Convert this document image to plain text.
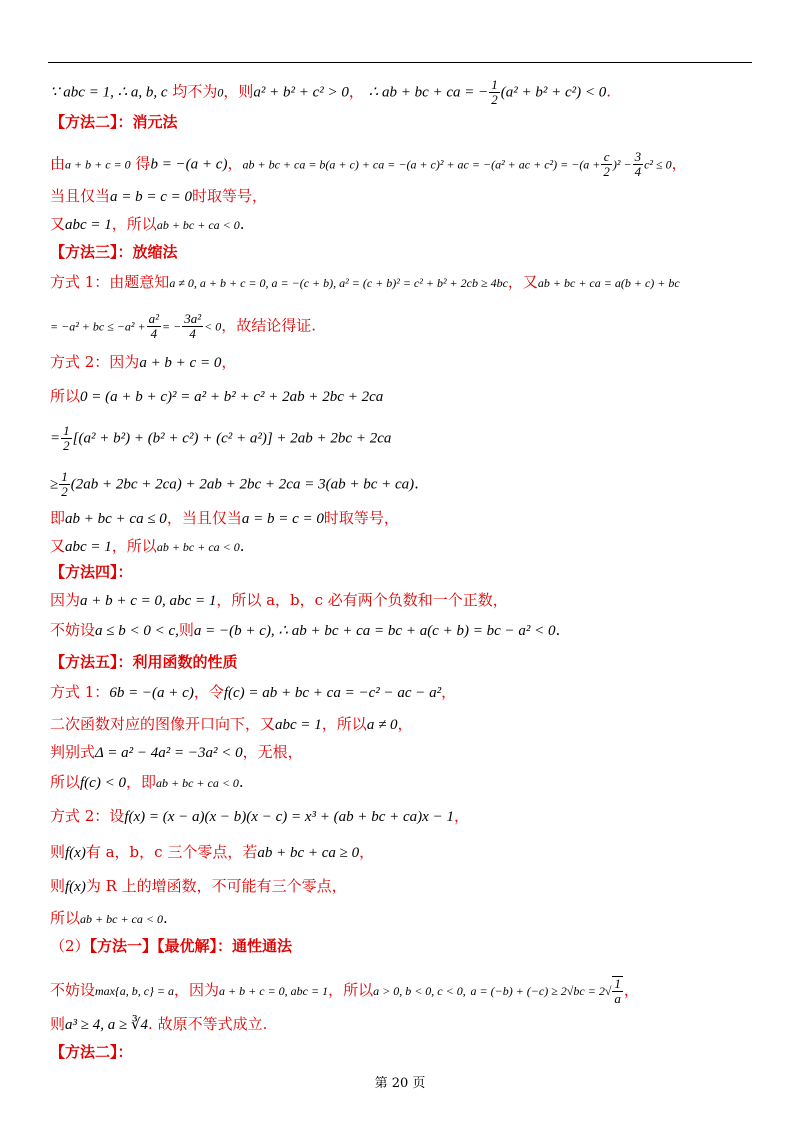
∵ abc = 1, ∴ a, b, c 均不为0，则a² + b² + c² > 0， ∴ ab + bc + ca = − $\frac{1}{2} (a^2 + b^2 + c^2) < 0$.
【方法二】：消元法
由a + b + c = 0 得b = −(a + c)，ab + bc + ca = b(a + c) + ca = −(a + c)² + ac = −(a² + ac + $c^2) = -(a + \frac{c}{2} )^2 - \frac{3}{4} c^2 \le 0$，
当且仅当a = b = c = 0时取等号，
又abc = 1，所以ab + bc + ca < 0.
【方法三】：放缩法
方式 1：由题意知a ≠ 0, a + b + c = 0, a = −(c + b), a² = (c + b)² = c² + b² + 2cb ≥ 4bc，又ab + bc + ca = a(b + c) + bc
= −a² + bc ≤ $-a^2 + \frac{\text{a²}}{4}$ = − $\frac{\text{3a²}}{4} < 0$，故结论得证.
方式 2：因为a + b + c = 0，
所以0 = (a + b + c)² = a² + b² + c² + 2ab + 2bc + 2ca
= $\frac{1}{2} [(a^2 + b^2) + (b^2 + c^2) + (c^2 + a^2)] + 2ab + 2bc + 2ca$
≥ $\frac{1}{2} (2ab + 2bc + 2ca) + 2ab + 2bc + 2ca = 3(ab$ + bc + ca).
即ab + bc + ca ≤ 0，当且仅当a = b = c = 0时取等号，
又abc = 1，所以ab + bc + ca < 0.
【方法四】：
因为a + b + c = 0, abc = 1，所以 a，b，c 必有两个负数和一个正数，
不妨设a ≤ b < 0 < c,则a = −(b + c), ∴ ab + bc + ca = bc + a(c + b) = bc − a² < 0.
【方法五】：利用函数的性质
方式 1：6b = −(a + c)，令f(c) = ab + bc + ca = −c² − ac − a²，
二次函数对应的图像开口向下，又abc = 1，所以a ≠ 0，
判别式Δ = a² − 4a² = −3a² < 0，无根，
所以f(c) < 0，即ab + bc + ca < 0.
方式 2：设f(x) = (x − a)(x − b)(x − c) = x³ + (ab + bc + ca)x − 1，
则f(x)有 a，b，c 三个零点，若ab + bc + ca ≥ 0，
则f(x)为 R 上的增函数，不可能有三个零点，
所以ab + bc + ca < 0.
（2）【方法一】【最优解】：通性通法
不妨设max{a, b, c} = a，因为a + b + c = 0, abc = 1，所以a > 0, b < 0, c < 0, $a = (-b) + (-c) \ge 2√bc = 2√ \frac{1}{a}$ ，
则a³ ≥ 4, a ≥ ∛4. 故原不等式成立.
【方法二】：
第 20 页
